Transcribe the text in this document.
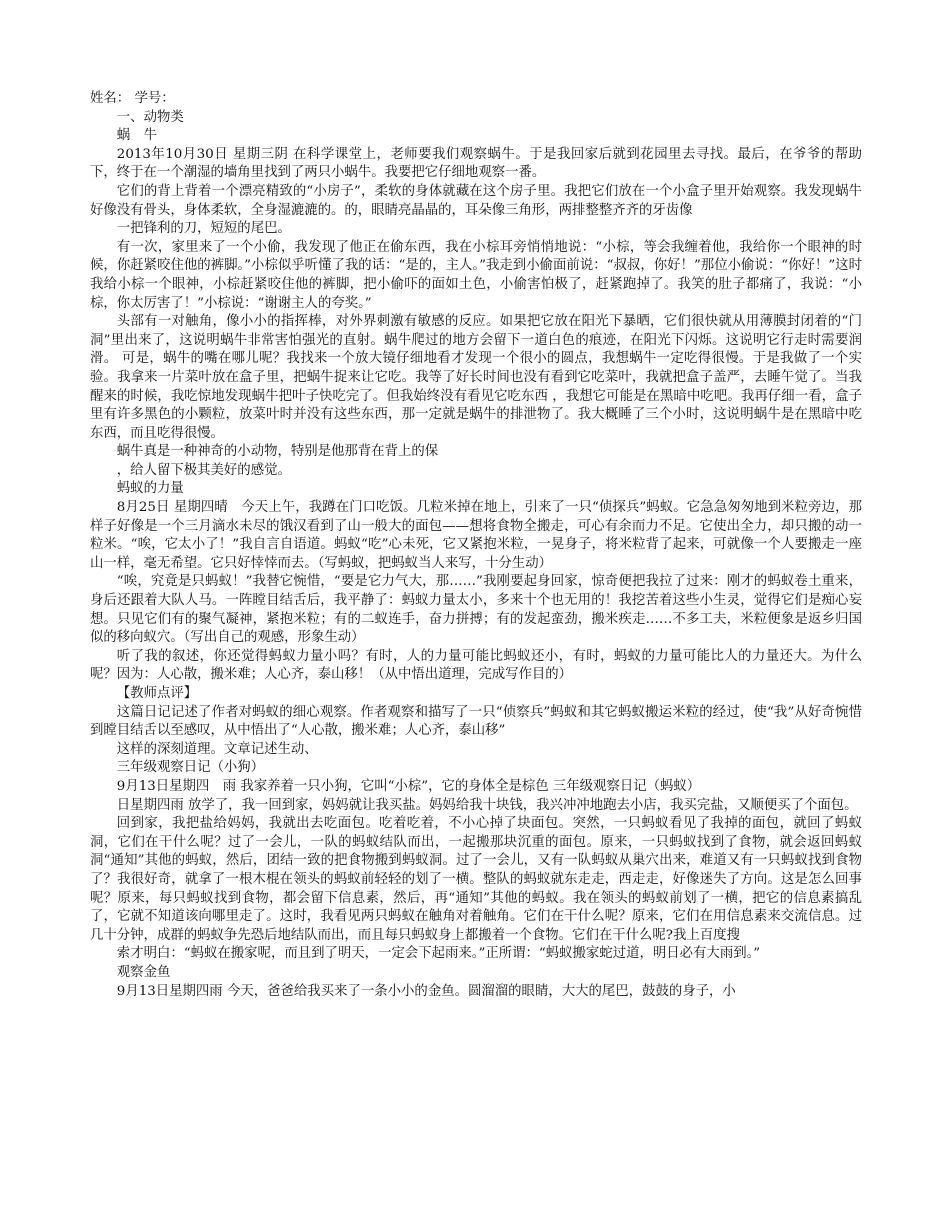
姓名： 学号：

一、动物类

蜗　牛

2013年10月30日 星期三阴 在科学课堂上，老师要我们观察蜗牛。于是我回家后就到花园里去寻找。最后，在爷爷的帮助下，终于在一个潮湿的墙角里找到了两只小蜗牛。我要把它仔细地观察一番。

它们的背上背着一个漂亮精致的“小房子”，柔软的身体就藏在这个房子里。我把它们放在一个小盒子里开始观察。我发现蜗牛好像没有骨头，身体柔软，全身湿漉漉的。的，眼睛亮晶晶的，耳朵像三角形，两排整整齐齐的牙齿像

一把锋利的刀，短短的尾巴。

有一次，家里来了一个小偷，我发现了他正在偷东西，我在小棕耳旁悄悄地说：“小棕，等会我缠着他，我给你一个眼神的时候，你赶紧咬住他的裤脚。”小棕似乎听懂了我的话：“是的，主人。”我走到小偷面前说：“叔叔，你好！”那位小偷说：“你好！”这时我给小棕一个眼神，小棕赶紧咬住他的裤脚，把小偷吓的面如土色，小偷害怕极了，赶紧跑掉了。我笑的肚子都痛了，我说：“小棕，你太厉害了！”小棕说：“谢谢主人的夸奖。”

头部有一对触角，像小小的指挥棒，对外界刺激有敏感的反应。如果把它放在阳光下暴晒，它们很快就从用薄膜封闭着的“门洞”里出来了，这说明蜗牛非常害怕强光的直射。蜗牛爬过的地方会留下一道白色的痕迹，在阳光下闪烁。这说明它行走时需要润滑。 可是，蜗牛的嘴在哪儿呢？我找来一个放大镜仔细地看才发现一个很小的圆点，我想蜗牛一定吃得很慢。于是我做了一个实验。我拿来一片菜叶放在盒子里，把蜗牛捉来让它吃。我等了好长时间也没有看到它吃菜叶，我就把盒子盖严，去睡午觉了。当我醒来的时候，我吃惊地发现蜗牛把叶子快吃完了。但我始终没有看见它吃东西 ，我想它可能是在黑暗中吃吧。我再仔细一看，盒子里有许多黑色的小颗粒，放菜叶时并没有这些东西，那一定就是蜗牛的排泄物了。我大概睡了三个小时，这说明蜗牛是在黑暗中吃东西，而且吃得很慢。

蜗牛真是一种神奇的小动物，特别是他那背在背上的保

，给人留下极其美好的感觉。

蚂蚁的力量

8月25日 星期四晴　今天上午，我蹲在门口吃饭。几粒米掉在地上，引来了一只“侦探兵”蚂蚁。它急急匆匆地到米粒旁边，那样子好像是一个三月滴水未尽的饿汉看到了山一般大的面包——想将食物全搬走，可心有余而力不足。它使出全力，却只搬的动一粒米。“唉，它太小了！”我自言自语道。蚂蚁“吃”心未死，它又紧抱米粒，一晃身子，将米粒背了起来，可就像一个人要搬走一座山一样，毫无希望。它只好悻悻而去。（写蚂蚁，把蚂蚁当人来写，十分生动）

“唉，究竟是只蚂蚁！”我替它惋惜，“要是它力气大，那……”我刚要起身回家，惊奇便把我拉了过来：刚才的蚂蚁卷土重来，身后还跟着大队人马。一阵瞠目结舌后，我平静了：蚂蚁力量太小，多来十个也无用的！我挖苦着这些小生灵，觉得它们是痴心妄想。只见它们有的聚气凝神，紧抱米粒；有的二蚁连手，奋力拼搏；有的发起蛮劲，搬米疾走……不多工夫，米粒便象是返乡归国似的移向蚁穴。（写出自己的观感，形象生动）

听了我的叙述，你还觉得蚂蚁力量小吗？有时，人的力量可能比蚂蚁还小，有时，蚂蚁的力量可能比人的力量还大。为什么呢？因为：人心散，搬米难；人心齐，泰山移！（从中悟出道理，完成写作目的）

【教师点评】

这篇日记记述了作者对蚂蚁的细心观察。作者观察和描写了一只“侦察兵”蚂蚁和其它蚂蚁搬运米粒的经过，使“我”从好奇惋惜到瞠目结舌以至感叹，从中悟出了“人心散，搬米难；人心齐，泰山移”

这样的深刻道理。文章记述生动、

三年级观察日记（小狗）

9月13日星期四　雨 我家养着一只小狗，它叫“小棕”，它的身体全是棕色 三年级观察日记（蚂蚁）

日星期四雨 放学了，我一回到家，妈妈就让我买盐。妈妈给我十块钱，我兴冲冲地跑去小店，我买完盐，又顺便买了个面包。

回到家，我把盐给妈妈，我就出去吃面包。吃着吃着，不小心掉了块面包。突然，一只蚂蚁看见了我掉的面包，就回了蚂蚁洞，它们在干什么呢？过了一会儿，一队的蚂蚁结队而出，一起搬那块沉重的面包。原来，一只蚂蚁找到了食物，就会返回蚂蚁洞“通知”其他的蚂蚁，然后，团结一致的把食物搬到蚂蚁洞。过了一会儿，又有一队蚂蚁从巢穴出来，难道又有一只蚂蚁找到食物了？我很好奇，就拿了一根木棍在领头的蚂蚁前轻轻的划了一横。整队的蚂蚁就东走走，西走走，好像迷失了方向。这是怎么回事呢？原来，每只蚂蚁找到食物，都会留下信息素，然后，再“通知”其他的蚂蚁。我在领头的蚂蚁前划了一横，把它的信息素搞乱了，它就不知道该向哪里走了。这时，我看见两只蚂蚁在触角对着触角。它们在干什么呢？原来，它们在用信息素来交流信息。过几十分钟，成群的蚂蚁争先恐后地结队而出，而且每只蚂蚁身上都搬着一个食物。它们在干什么呢?我上百度搜

索才明白：“蚂蚁在搬家呢，而且到了明天，一定会下起雨来。”正所谓：“蚂蚁搬家蛇过道，明日必有大雨到。”

观察金鱼

9月13日星期四雨 今天，爸爸给我买来了一条小小的金鱼。圆溜溜的眼睛，大大的尾巴，鼓鼓的身子，小
